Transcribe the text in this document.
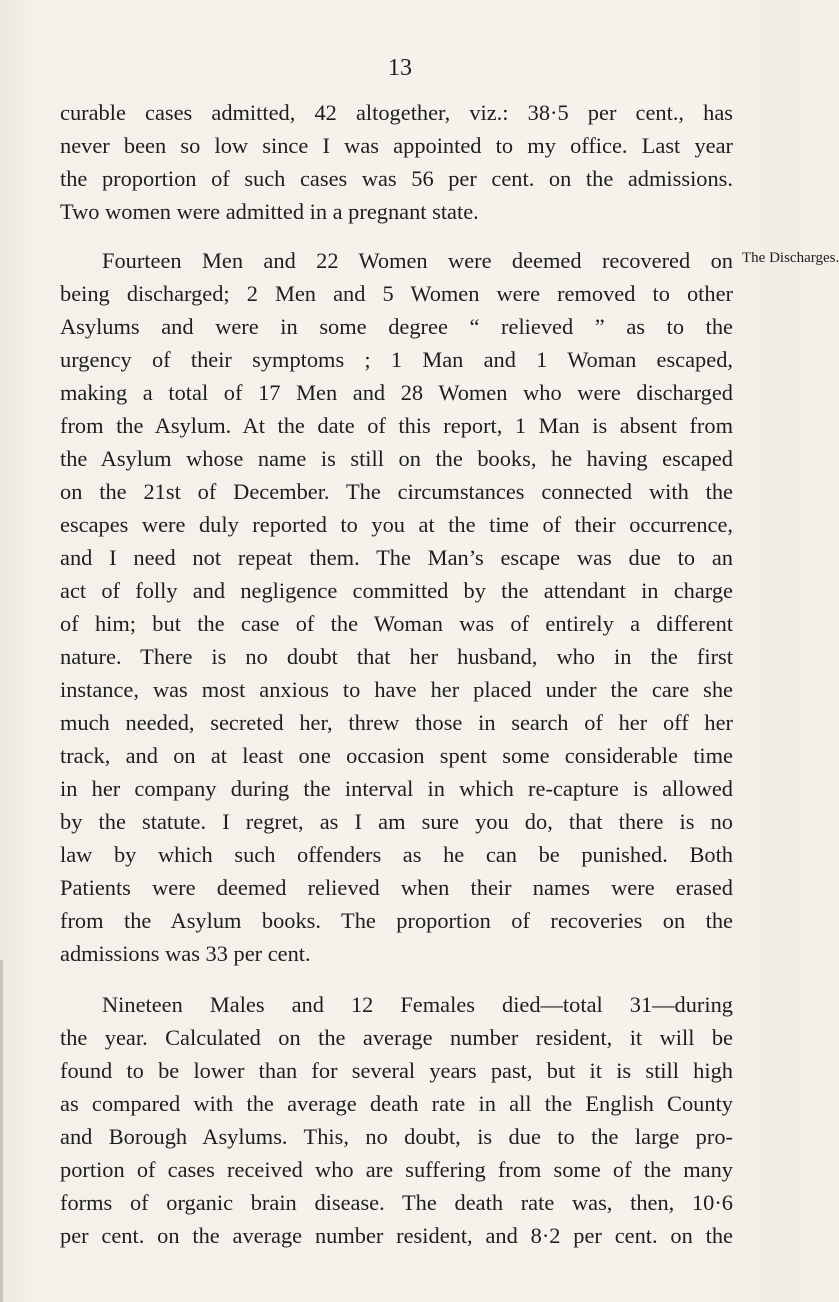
13
The Discharges.
curable cases admitted, 42 altogether, viz.: 38·5 per cent., has
never been so low since I was appointed to my office. Last year
the proportion of such cases was 56 per cent. on the admissions.
Two women were admitted in a pregnant state.
Fourteen Men and 22 Women were deemed recovered on
being discharged; 2 Men and 5 Women were removed to other
Asylums and were in some degree “ relieved ” as to the
urgency of their symptoms ; 1 Man and 1 Woman escaped,
making a total of 17 Men and 28 Women who were discharged
from the Asylum. At the date of this report, 1 Man is absent from
the Asylum whose name is still on the books, he having escaped
on the 21st of December. The circumstances connected with the
escapes were duly reported to you at the time of their occurrence,
and I need not repeat them. The Man’s escape was due to an
act of folly and negligence committed by the attendant in charge
of him; but the case of the Woman was of entirely a different
nature. There is no doubt that her husband, who in the first
instance, was most anxious to have her placed under the care she
much needed, secreted her, threw those in search of her off her
track, and on at least one occasion spent some considerable time
in her company during the interval in which re-capture is allowed
by the statute. I regret, as I am sure you do, that there is no
law by which such offenders as he can be punished. Both
Patients were deemed relieved when their names were erased
from the Asylum books. The proportion of recoveries on the
admissions was 33 per cent.
Nineteen Males and 12 Females died—total 31—during
the year. Calculated on the average number resident, it will be
found to be lower than for several years past, but it is still high
as compared with the average death rate in all the English County
and Borough Asylums. This, no doubt, is due to the large pro-
portion of cases received who are suffering from some of the many
forms of organic brain disease. The death rate was, then, 10·6
per cent. on the average number resident, and 8·2 per cent. on the
